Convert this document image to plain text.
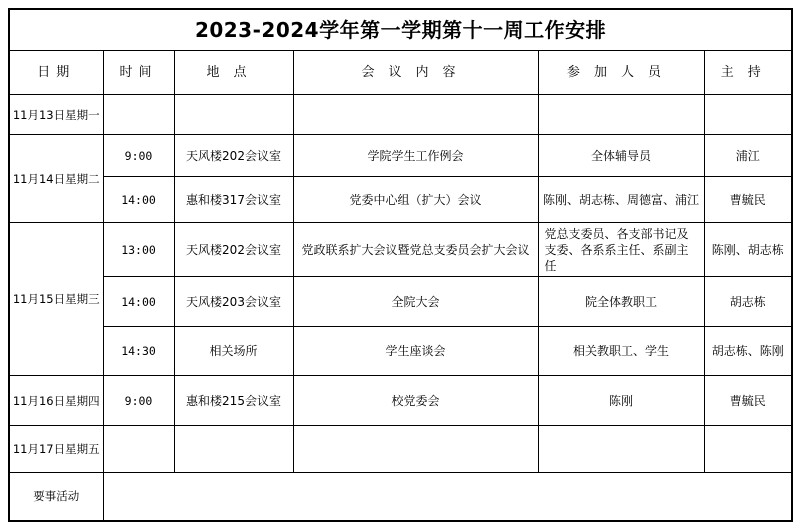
2023-2024学年第一学期第十一周工作安排					
日期	时间	地点	会议内容	参加人员	主持
11月13日星期一					
11月14日星期二	9:00	天风楼202会议室	学院学生工作例会	全体辅导员	浦江
	14:00	惠和楼317会议室	党委中心组（扩大）会议	陈刚、胡志栋、周德富、浦江	曹毓民
11月15日星期三	13:00	天风楼202会议室	党政联系扩大会议暨党总支委员会扩大会议	党总支委员、各支部书记及支委、各系系主任、系副主任	陈刚、胡志栋
	14:00	天风楼203会议室	全院大会	院全体教职工	胡志栋
	14:30	相关场所	学生座谈会	相关教职工、学生	胡志栋、陈刚
11月16日星期四	9:00	惠和楼215会议室	校党委会	陈刚	曹毓民
11月17日星期五					
要事活动					
